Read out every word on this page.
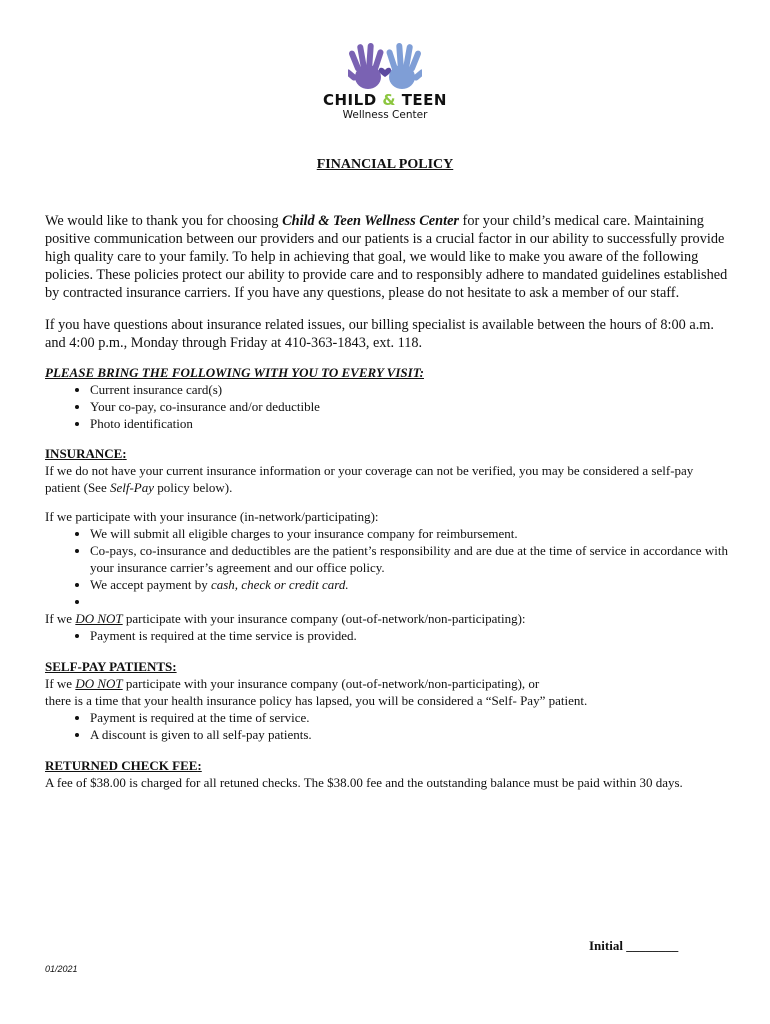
CHILD & TEEN
Wellness Center
FINANCIAL POLICY

We would like to thank you for choosing Child & Teen Wellness Center for your child’s medical care. Maintaining positive communication between our providers and our patients is a crucial factor in our ability to successfully provide high quality care to your family. To help in achieving that goal, we would like to make you aware of the following policies. These policies protect our ability to provide care and to responsibly adhere to mandated guidelines established by contracted insurance carriers. If you have any questions, please do not hesitate to ask a member of our staff.

If you have questions about insurance related issues, our billing specialist is available between the hours of 8:00 a.m. and 4:00 p.m., Monday through Friday at 410-363-1843, ext. 118.

PLEASE BRING THE FOLLOWING WITH YOU TO EVERY VISIT:
• Current insurance card(s)
• Your co-pay, co-insurance and/or deductible
• Photo identification
INSURANCE:

If we do not have your current insurance information or your coverage can not be verified, you may be considered a self-pay patient (See Self-Pay policy below).

If we participate with your insurance (in-network/participating):

• We will submit all eligible charges to your insurance company for reimbursement.
• Co-pays, co-insurance and deductibles are the patient’s responsibility and are due at the time of service in accordance with your insurance carrier’s agreement and our office policy.
• We accept payment by cash, check or credit card.
•

If we DO NOT participate with your insurance company (out-of-network/non-participating):

• Payment is required at the time service is provided.
SELF-PAY PATIENTS:

If we DO NOT participate with your insurance company (out-of-network/non-participating), or

there is a time that your health insurance policy has lapsed, you will be considered a “Self- Pay” patient.

• Payment is required at the time of service.
• A discount is given to all self-pay patients.
RETURNED CHECK FEE:

A fee of $38.00 is charged for all retuned checks. The $38.00 fee and the outstanding balance must be paid within 30 days.

Initial ________
01/2021
